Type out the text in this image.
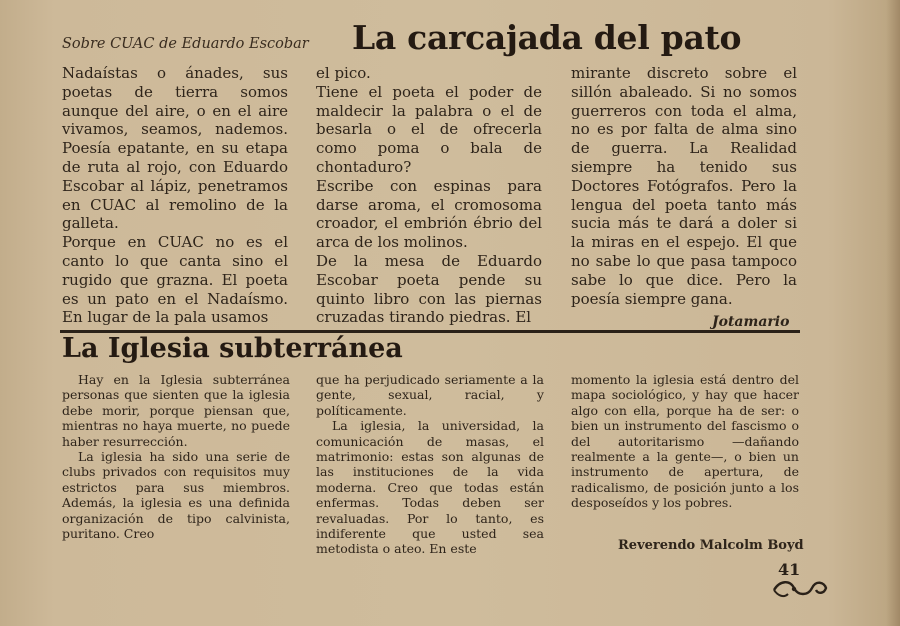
Sobre CUAC de Eduardo Escobar La carcajada del pato

Nadaístas o ánades, sus poetas de tierra somos aunque del aire, o en el aire vivamos, seamos, nademos. Poesía epatante, en su etapa de ruta al rojo, con Eduardo Escobar al lápiz, penetramos en CUAC al remolino de la galleta.

Porque en CUAC no es el canto lo que canta sino el rugido que grazna. El poeta es un pato en el Nadaísmo. En lugar de la pala usamos

el pico.

Tiene el poeta el poder de maldecir la palabra o el de besarla o el de ofrecerla como poma o bala de chontaduro?

Escribe con espinas para darse aroma, el cromosoma croador, el embrión ébrio del arca de los molinos.

De la mesa de Eduardo Escobar poeta pende su quinto libro con las piernas cruzadas tirando piedras. El

mirante discreto sobre el sillón abaleado. Si no somos guerreros con toda el alma, no es por falta de alma sino de guerra. La Realidad siempre ha tenido sus Doctores Fotógrafos. Pero la lengua del poeta tanto más sucia más te dará a doler si la miras en el espejo. El que no sabe lo que pasa tampoco sabe lo que dice. Pero la poesía siempre gana.

Jotamario
La Iglesia subterránea

Hay en la Iglesia subterránea personas que sienten que la iglesia debe morir, porque piensan que, mientras no haya muerte, no puede haber resurrección.

La iglesia ha sido una serie de clubs privados con requisitos muy estrictos para sus miembros. Además, la iglesia es una definida organización de tipo calvinista, puritano. Creo

que ha perjudicado seriamente a la gente, sexual, racial, y políticamente.

La iglesia, la universidad, la comunicación de masas, el matrimonio: estas son algunas de las instituciones de la vida moderna. Creo que todas están enfermas. Todas deben ser revaluadas. Por lo tanto, es indiferente que usted sea metodista o ateo. En este

momento la iglesia está dentro del mapa sociológico, y hay que hacer algo con ella, porque ha de ser: o bien un instrumento del fascismo o del autoritarismo —dañando realmente a la gente—, o bien un instrumento de apertura, de radicalismo, de posición junto a los desposeídos y los pobres.

Reverendo Malcolm Boyd
41
